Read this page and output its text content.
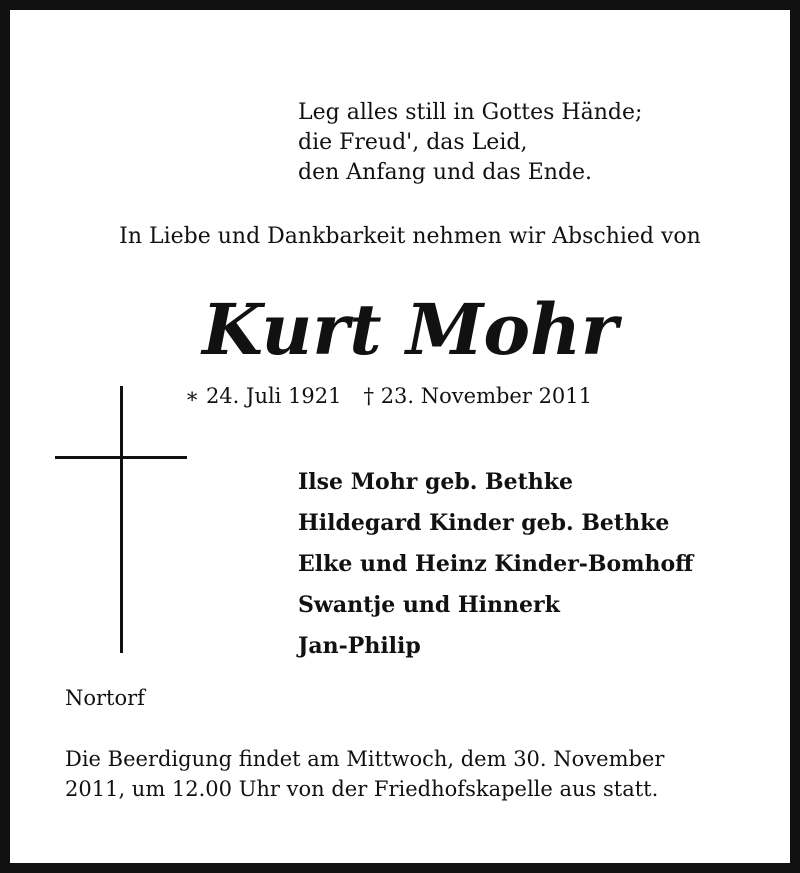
Leg alles still in Gottes Hände;
die Freud', das Leid,
den Anfang und das Ende.
In Liebe und Dankbarkeit nehmen wir Abschied von
Kurt Mohr
∗ 24. Juli 1921 † 23. November 2011
Ilse Mohr geb. Bethke
Hildegard Kinder geb. Bethke
Elke und Heinz Kinder-Bomhoff
Swantje und Hinnerk
Jan-Philip
Nortorf
Die Beerdigung findet am Mittwoch, dem 30. November
2011, um 12.00 Uhr von der Friedhofskapelle aus statt.
